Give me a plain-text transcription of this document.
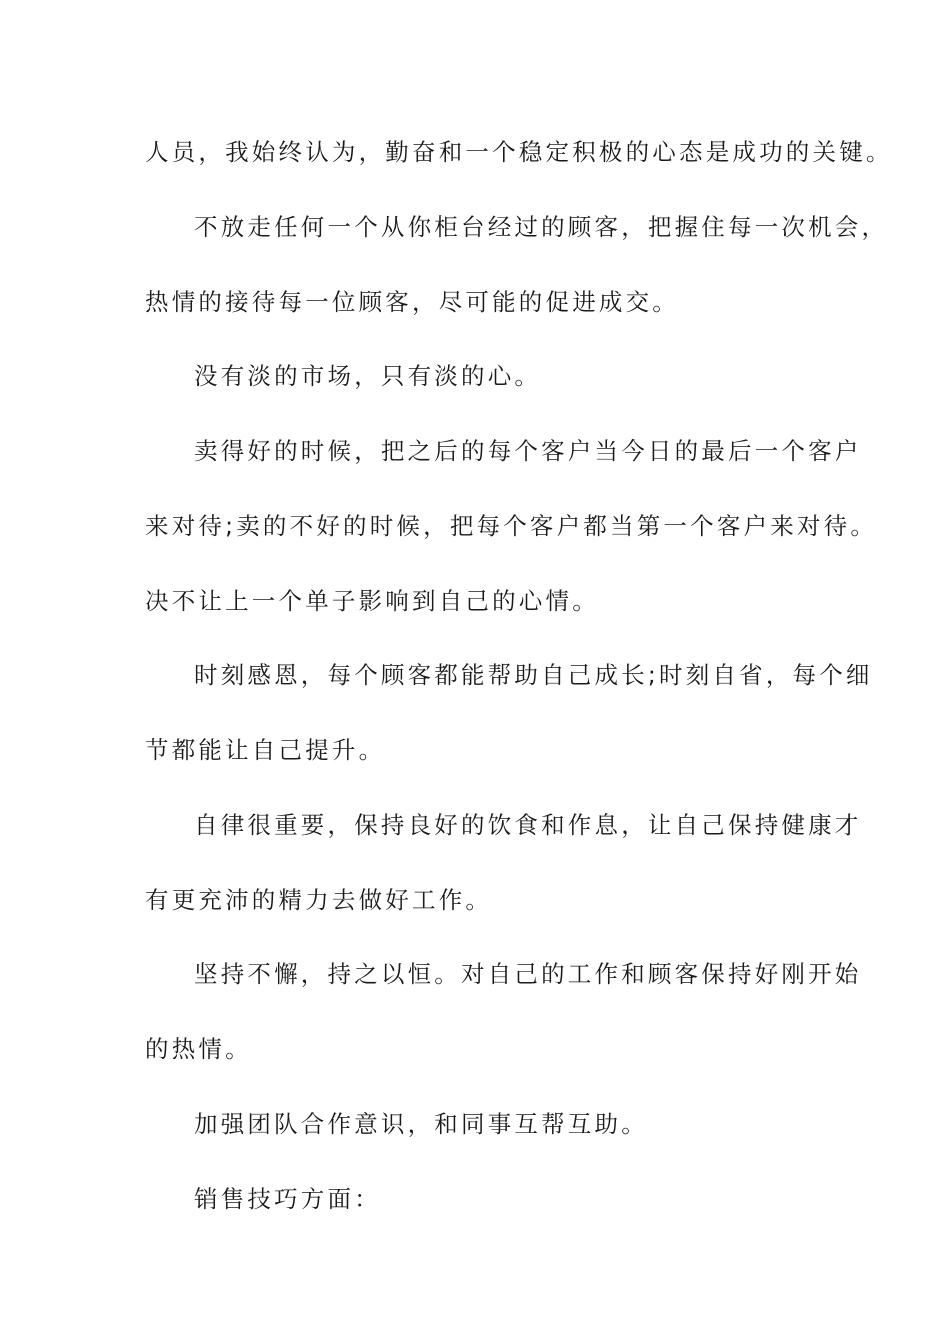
人员，我始终认为，勤奋和一个稳定积极的心态是成功的关键。
不放走任何一个从你柜台经过的顾客，把握住每一次机会，
热情的接待每一位顾客，尽可能的促进成交。
没有淡的市场，只有淡的心。
卖得好的时候，把之后的每个客户当今日的最后一个客户
来对待;卖的不好的时候，把每个客户都当第一个客户来对待。
决不让上一个单子影响到自己的心情。
时刻感恩，每个顾客都能帮助自己成长;时刻自省，每个细
节都能让自己提升。
自律很重要，保持良好的饮食和作息，让自己保持健康才
有更充沛的精力去做好工作。
坚持不懈，持之以恒。对自己的工作和顾客保持好刚开始
的热情。
加强团队合作意识，和同事互帮互助。
销售技巧方面：
